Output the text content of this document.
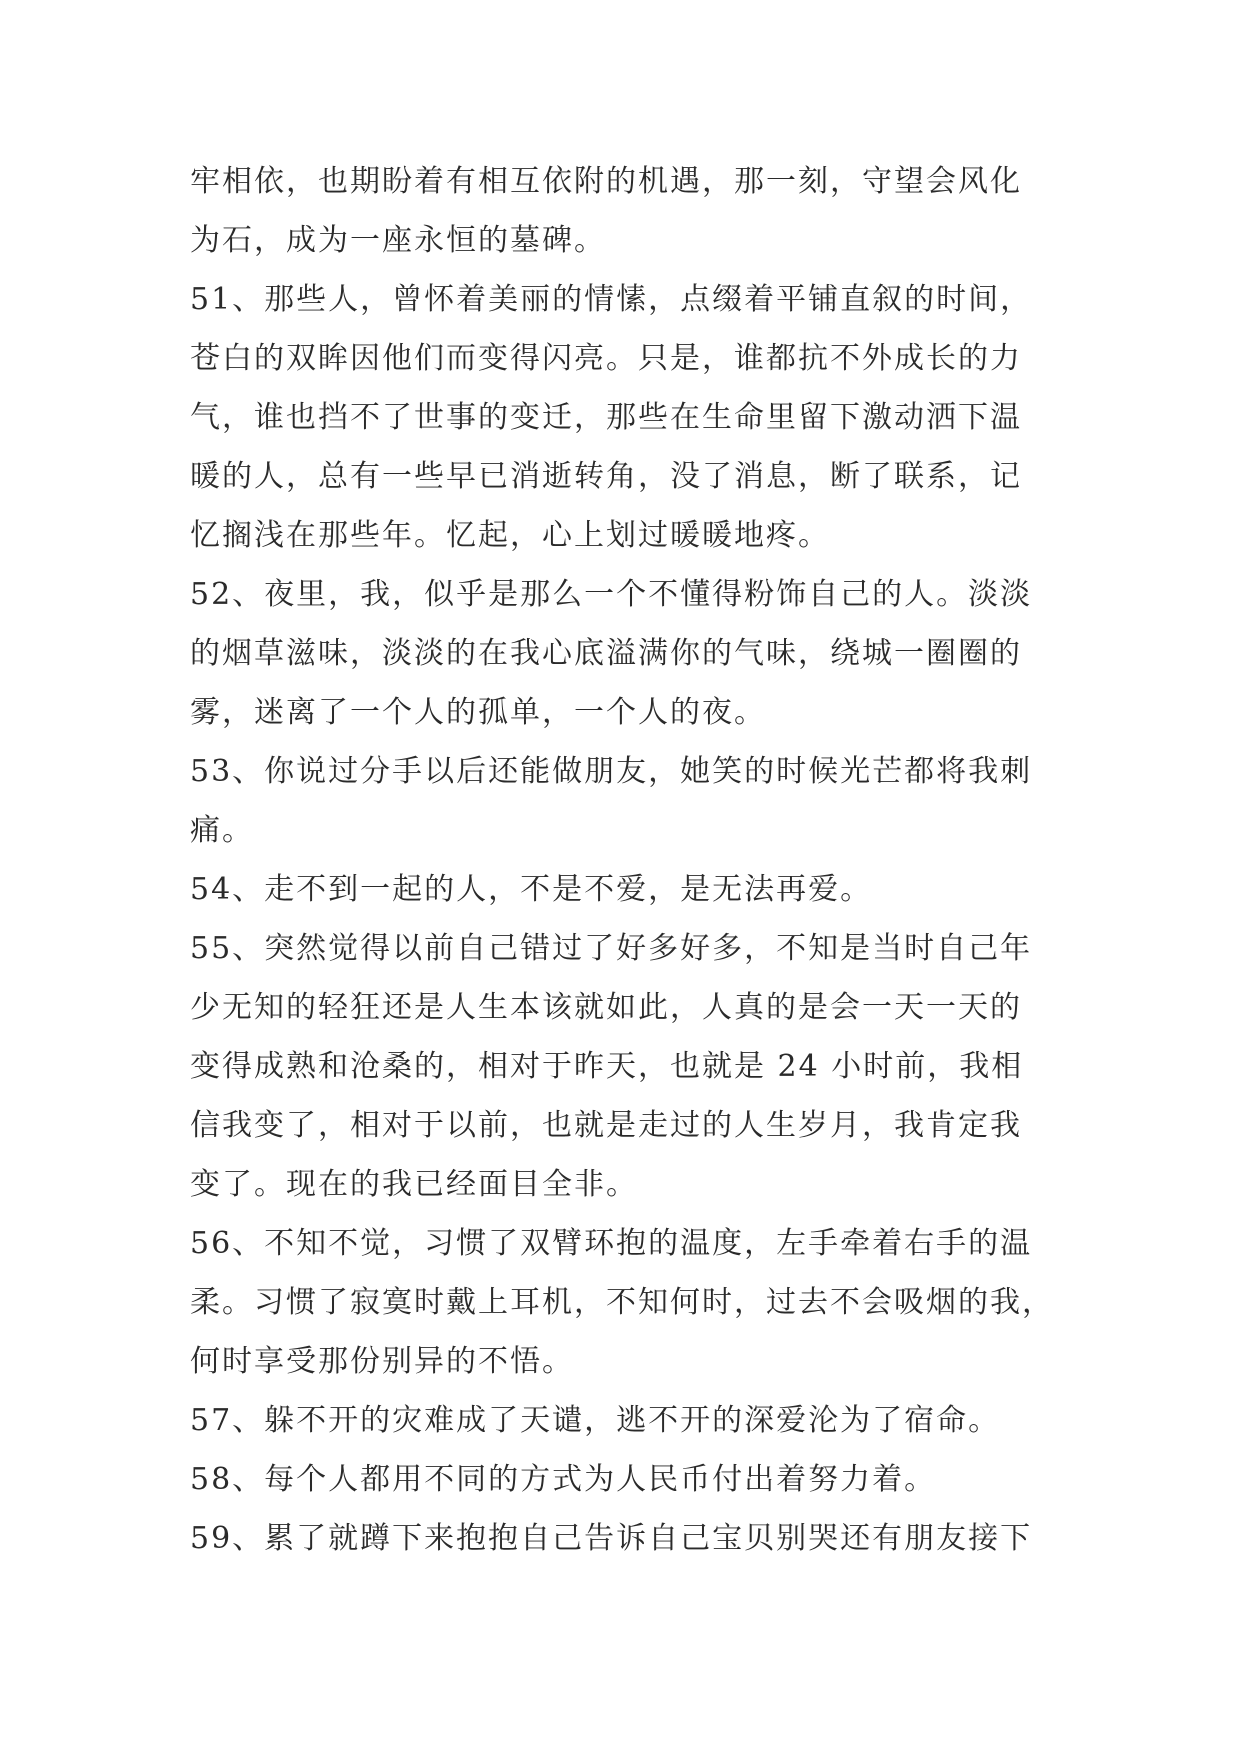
牢相依，也期盼着有相互依附的机遇，那一刻，守望会风化
为石，成为一座永恒的墓碑。
51、那些人，曾怀着美丽的情愫，点缀着平铺直叙的时间，
苍白的双眸因他们而变得闪亮。只是，谁都抗不外成长的力
气，谁也挡不了世事的变迁，那些在生命里留下激动洒下温
暖的人，总有一些早已消逝转角，没了消息，断了联系，记
忆搁浅在那些年。忆起，心上划过暖暖地疼。
52、夜里，我，似乎是那么一个不懂得粉饰自己的人。淡淡
的烟草滋味，淡淡的在我心底溢满你的气味，绕城一圈圈的
雾，迷离了一个人的孤单，一个人的夜。
53、你说过分手以后还能做朋友，她笑的时候光芒都将我刺
痛。
54、走不到一起的人，不是不爱，是无法再爱。
55、突然觉得以前自己错过了好多好多，不知是当时自己年
少无知的轻狂还是人生本该就如此，人真的是会一天一天的
变得成熟和沧桑的，相对于昨天，也就是 24 小时前，我相
信我变了，相对于以前，也就是走过的人生岁月，我肯定我
变了。现在的我已经面目全非。
56、不知不觉，习惯了双臂环抱的温度，左手牵着右手的温
柔。习惯了寂寞时戴上耳机，不知何时，过去不会吸烟的我，
何时享受那份别异的不悟。
57、躲不开的灾难成了天谴，逃不开的深爱沦为了宿命。
58、每个人都用不同的方式为人民币付出着努力着。
59、累了就蹲下来抱抱自己告诉自己宝贝别哭还有朋友接下
